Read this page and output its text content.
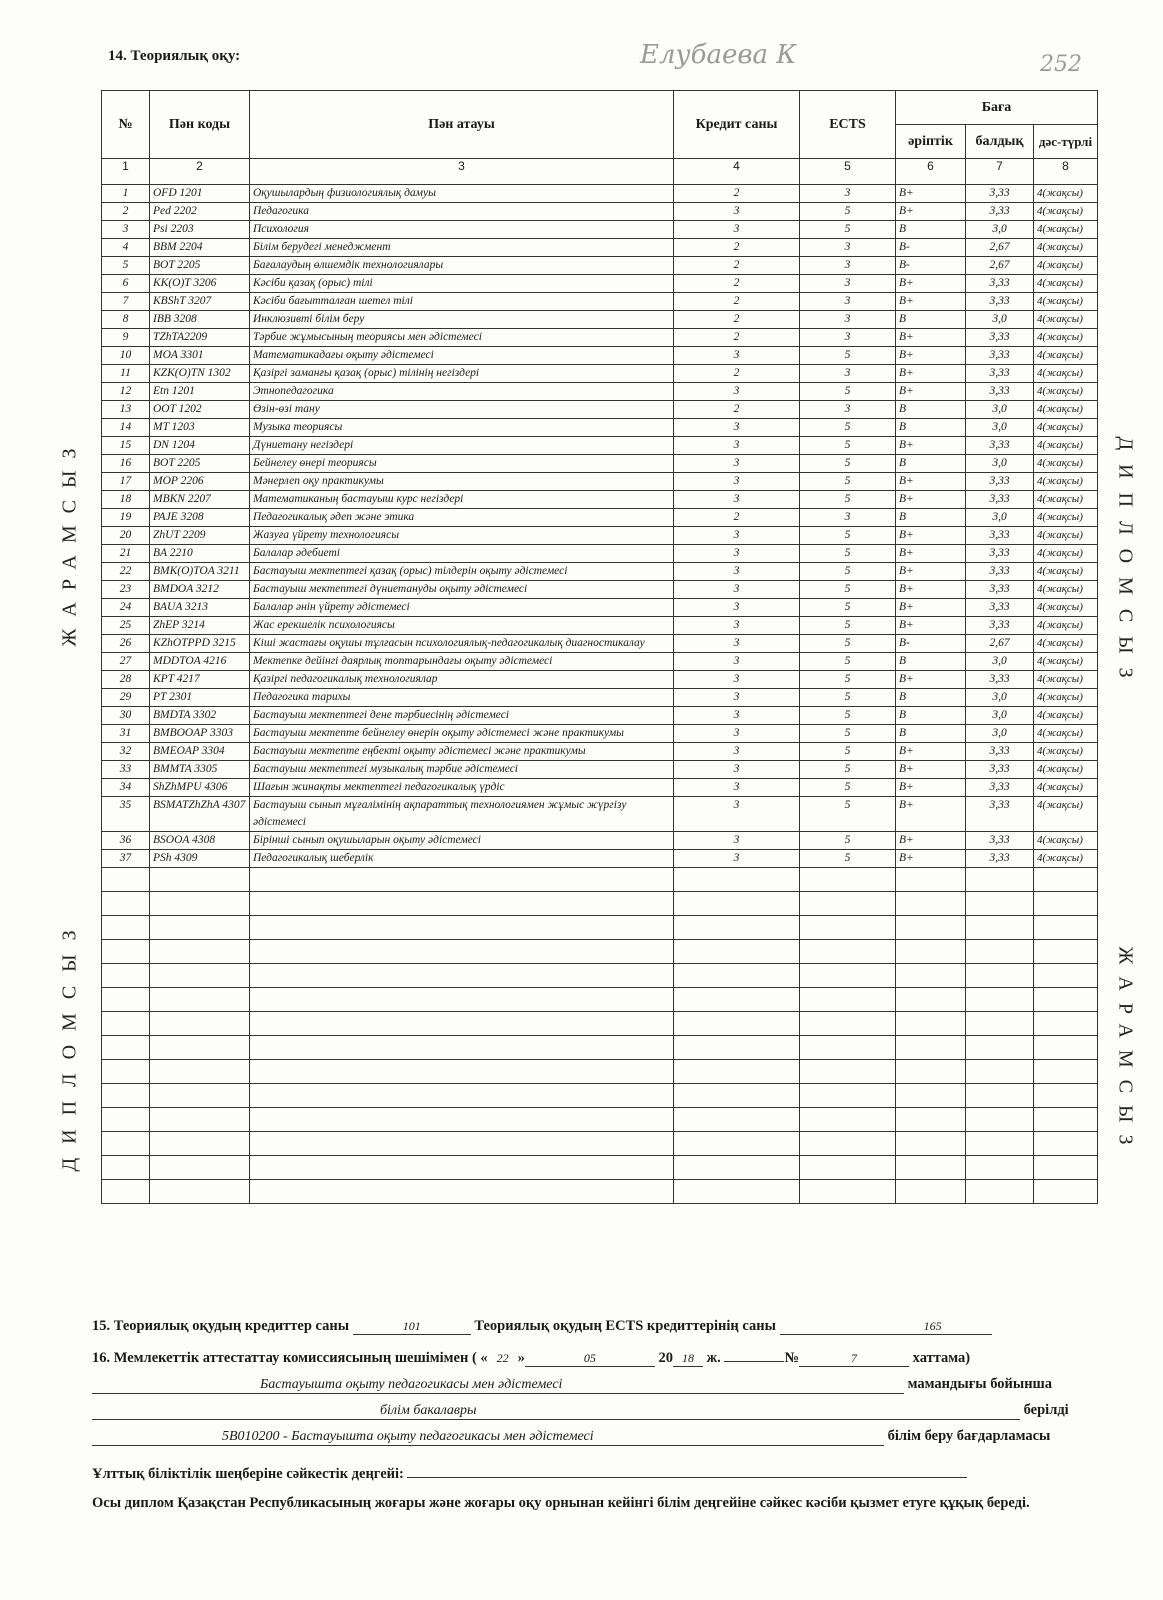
14. Теориялық оқу:	Елубаева К	252
ЖАРАМСЫЗ
ДИПЛОМСЫЗ
ДИПЛОМСЫЗ
ЖАРАМСЫЗ
№	Пән коды	Пән атауы	Кредит саны	ECTS	Баға		
					әріптік	балдық	дәс-түрлі
1	2	3	4	5	6	7	8
1	OFD 1201	Оқушылардың физиологиялық дамуы	2	3	B+	3,33	4(жақсы)
2	Ped 2202	Педагогика	3	5	B+	3,33	4(жақсы)
3	Psi 2203	Психология	3	5	B	3,0	4(жақсы)
4	BBM 2204	Білім берудегі менеджмент	2	3	B-	2,67	4(жақсы)
5	BOT 2205	Бағалаудың өлшемдік технологиялары	2	3	B-	2,67	4(жақсы)
6	KK(O)T 3206	Кәсіби қазақ (орыс) тілі	2	3	B+	3,33	4(жақсы)
7	KBShT 3207	Кәсіби бағытталған шетел тілі	2	3	B+	3,33	4(жақсы)
8	IBB 3208	Инклюзивті білім беру	2	3	B	3,0	4(жақсы)
9	TZhTA2209	Тәрбие жұмысының теориясы мен әдістемесі	2	3	B+	3,33	4(жақсы)
10	MOA 3301	Математикадағы оқыту әдістемесі	3	5	B+	3,33	4(жақсы)
11	KZK(O)TN 1302	Қазіргі заманғы қазақ (орыс) тілінің негіздері	2	3	B+	3,33	4(жақсы)
12	Etn 1201	Этнопедагогика	3	5	B+	3,33	4(жақсы)
13	OOT 1202	Өзін-өзі тану	2	3	B	3,0	4(жақсы)
14	MT 1203	Музыка теориясы	3	5	B	3,0	4(жақсы)
15	DN 1204	Дүниетану негіздері	3	5	B+	3,33	4(жақсы)
16	BOT 2205	Бейнелеу өнері теориясы	3	5	B	3,0	4(жақсы)
17	MOP 2206	Мәнерлеп оқу практикумы	3	5	B+	3,33	4(жақсы)
18	MBKN 2207	Математиканың бастауыш курс негіздері	3	5	B+	3,33	4(жақсы)
19	PAJE 3208	Педагогикалық әдеп және этика	2	3	B	3,0	4(жақсы)
20	ZhUT 2209	Жазуға үйрету технологиясы	3	5	B+	3,33	4(жақсы)
21	BA 2210	Балалар әдебиеті	3	5	B+	3,33	4(жақсы)
22	BMK(O)TOA 3211	Бастауыш мектептегі қазақ (орыс) тілдерін оқыту әдістемесі	3	5	B+	3,33	4(жақсы)
23	BMDOA 3212	Бастауыш мектептегі дүниетануды оқыту әдістемесі	3	5	B+	3,33	4(жақсы)
24	BAUA 3213	Балалар әнін үйрету әдістемесі	3	5	B+	3,33	4(жақсы)
25	ZhEP 3214	Жас ерекшелік психологиясы	3	5	B+	3,33	4(жақсы)
26	KZhOTPPD 3215	Кіші жастағы оқушы тұлғасын психологиялық-педагогикалық диагностикалау	3	5	B-	2,67	4(жақсы)
27	MDDTOA 4216	Мектепке дейінгі даярлық топтарындағы оқыту әдістемесі	3	5	B	3,0	4(жақсы)
28	KPT 4217	Қазіргі педагогикалық технологиялар	3	5	B+	3,33	4(жақсы)
29	PT 2301	Педагогика тарихы	3	5	B	3,0	4(жақсы)
30	BMDTA 3302	Бастауыш мектептегі дене тәрбиесінің әдістемесі	3	5	B	3,0	4(жақсы)
31	BMBOOAP 3303	Бастауыш мектепте бейнелеу өнерін оқыту әдістемесі және практикумы	3	5	B	3,0	4(жақсы)
32	BMEOAP 3304	Бастауыш мектепте еңбекті оқыту әдістемесі және практикумы	3	5	B+	3,33	4(жақсы)
33	BMMTA 3305	Бастауыш мектептегі музыкалық тәрбие әдістемесі	3	5	B+	3,33	4(жақсы)
34	ShZhMPU 4306	Шағын жинақты мектептегі педагогикалық үрдіс	3	5	B+	3,33	4(жақсы)
35	BSMATZhZhA 4307	Бастауыш сынып мұғалімінің ақпараттық технологиямен жұмыс жүргізу әдістемесі	3	5	B+	3,33	4(жақсы)
36	BSOOA 4308	Бірінші сынып оқушыларын оқыту әдістемесі	3	5	B+	3,33	4(жақсы)
37	PSh 4309	Педагогикалық шеберлік	3	5	B+	3,33	4(жақсы)

15. Теориялық оқудың кредиттер саны	101	Теориялық оқудың ECTS кредиттерінің саны	165
16. Мемлекеттік аттестаттау комиссиясының шешімімен ( « 22 »	05	20 18 ж.	№	7	хаттама)
Бастауышта оқыту педагогикасы мен әдістемесі	мамандығы бойынша
білім бакалавры	берілді
5B010200 - Бастауышта оқыту педагогикасы мен әдістемесі	білім беру бағдарламасы
Ұлттық біліктілік шеңберіне сәйкестік деңгейі:
Осы диплом Қазақстан Республикасының жоғары және жоғары оқу орнынан кейінгі білім деңгейіне сәйкес кәсіби қызмет етуге құқық береді.
